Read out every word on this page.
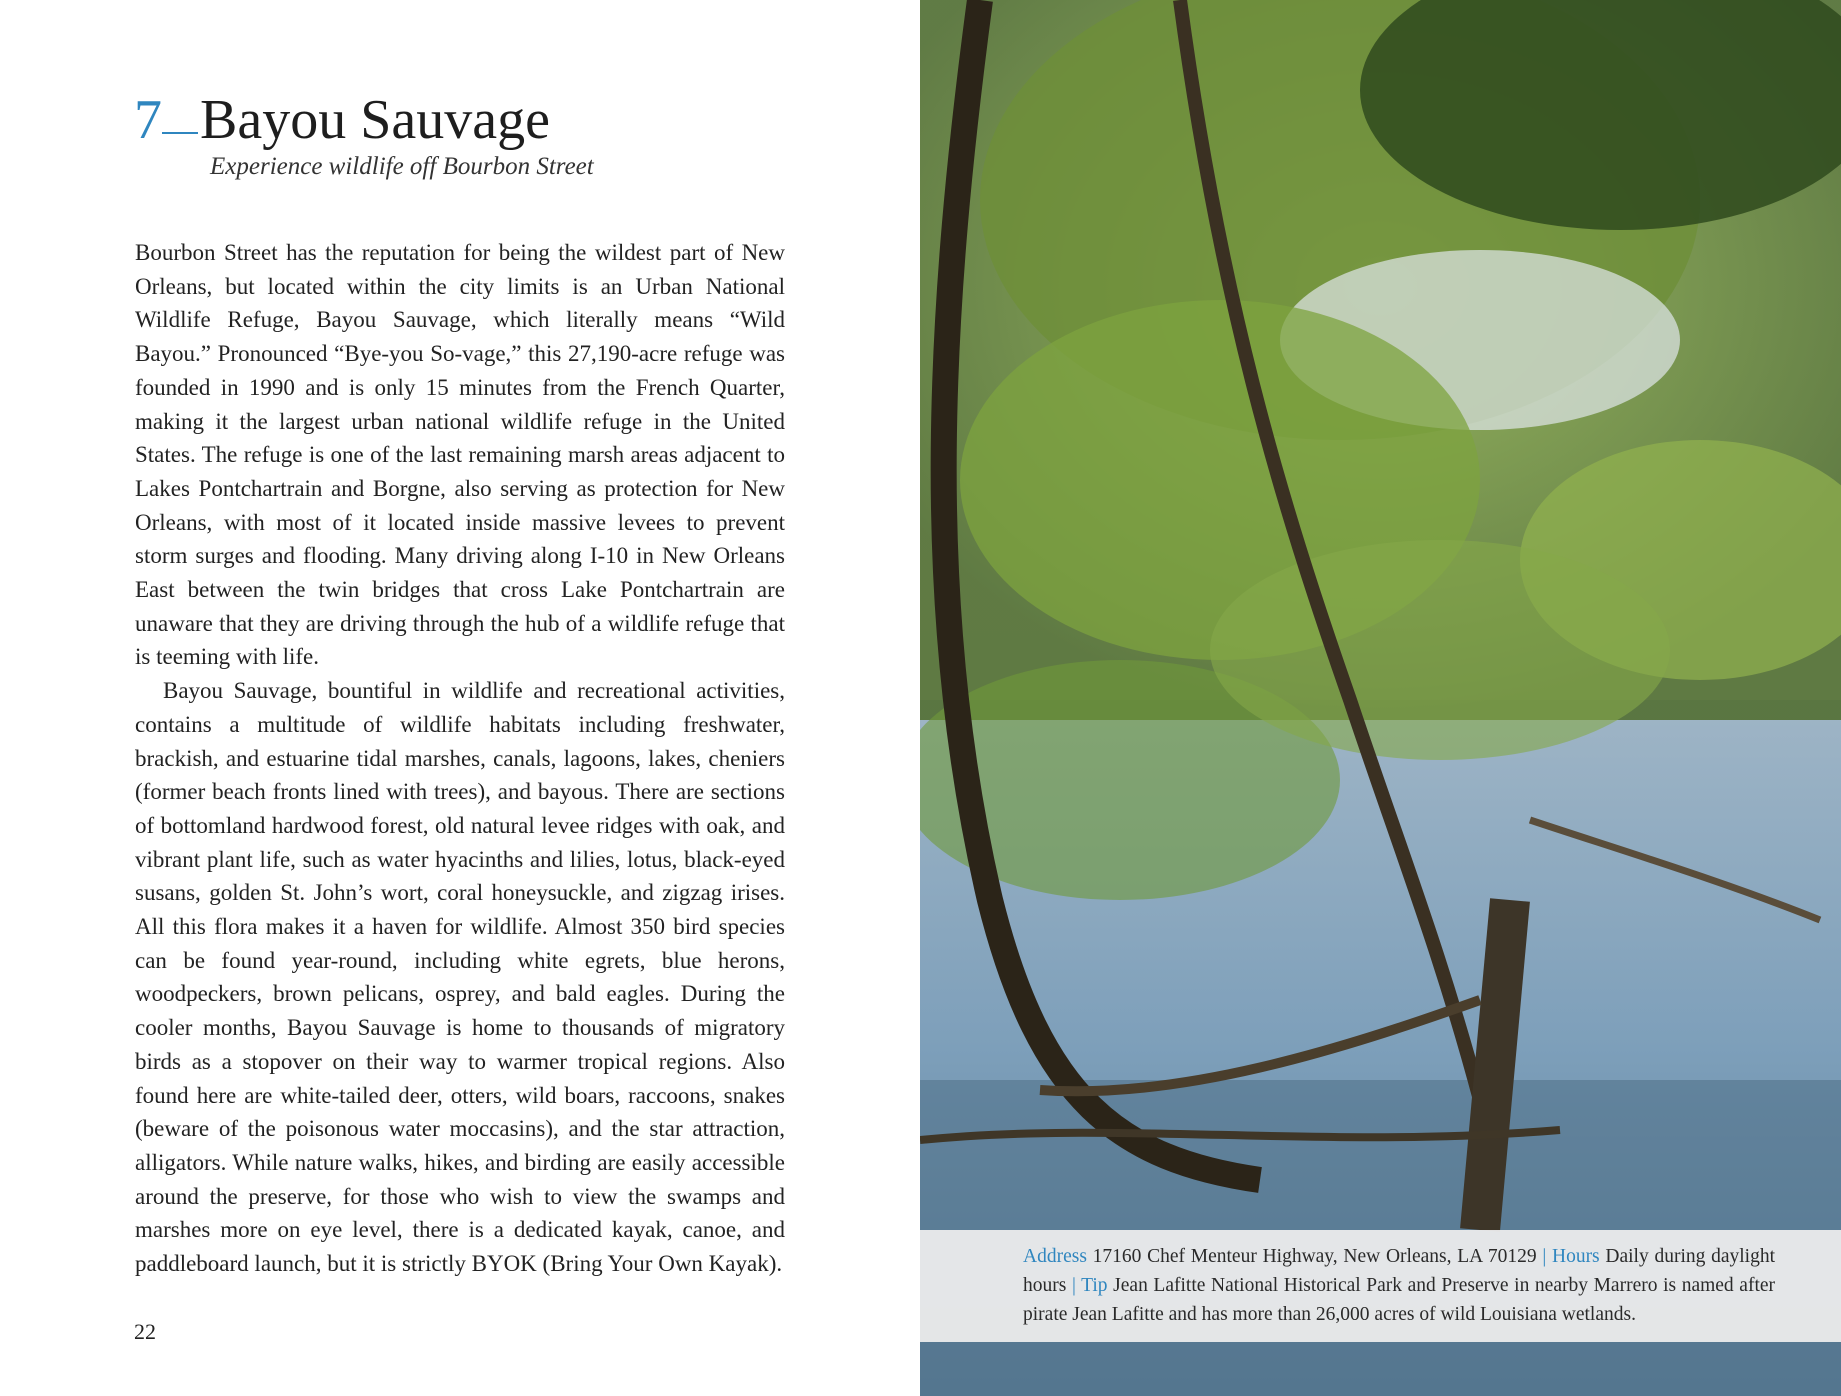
7 Bayou Sauvage
Experience wildlife off Bourbon Street

Bourbon Street has the reputation for being the wildest part of New Orleans, but located within the city limits is an Urban National Wildlife Refuge, Bayou Sauvage, which literally means “Wild Bayou.” Pronounced “Bye-you So-vage,” this 27,190-acre refuge was founded in 1990 and is only 15 minutes from the French Quarter, making it the largest urban national wildlife refuge in the United States. The refuge is one of the last remaining marsh areas adjacent to Lakes Pontchartrain and Borgne, also serving as protection for New Orleans, with most of it located inside massive levees to prevent storm surges and flooding. Many driving along I-10 in New Orleans East between the twin bridges that cross Lake Pontchartrain are unaware that they are driving through the hub of a wildlife refuge that is teeming with life.

Bayou Sauvage, bountiful in wildlife and recreational activities, contains a multitude of wildlife habitats including freshwater, brackish, and estuarine tidal marshes, canals, lagoons, lakes, cheniers (former beach fronts lined with trees), and bayous. There are sections of bottomland hardwood forest, old natural levee ridges with oak, and vibrant plant life, such as water hyacinths and lilies, lotus, black-eyed susans, golden St. John’s wort, coral honeysuckle, and zigzag irises. All this flora makes it a haven for wildlife. Almost 350 bird species can be found year-round, including white egrets, blue herons, woodpeckers, brown pelicans, osprey, and bald eagles. During the cooler months, Bayou Sauvage is home to thousands of migratory birds as a stopover on their way to warmer tropical regions. Also found here are white-tailed deer, otters, wild boars, raccoons, snakes (beware of the poisonous water moccasins), and the star attraction, alligators. While nature walks, hikes, and birding are easily accessible around the preserve, for those who wish to view the swamps and marshes more on eye level, there is a dedicated kayak, canoe, and paddleboard launch, but it is strictly BYOK (Bring Your Own Kayak).

22
Address 17160 Chef Menteur Highway, New Orleans, LA 70129 | Hours Daily during daylight hours | Tip Jean Lafitte National Historical Park and Preserve in nearby Marrero is named after pirate Jean Lafitte and has more than 26,000 acres of wild Louisiana wetlands.
